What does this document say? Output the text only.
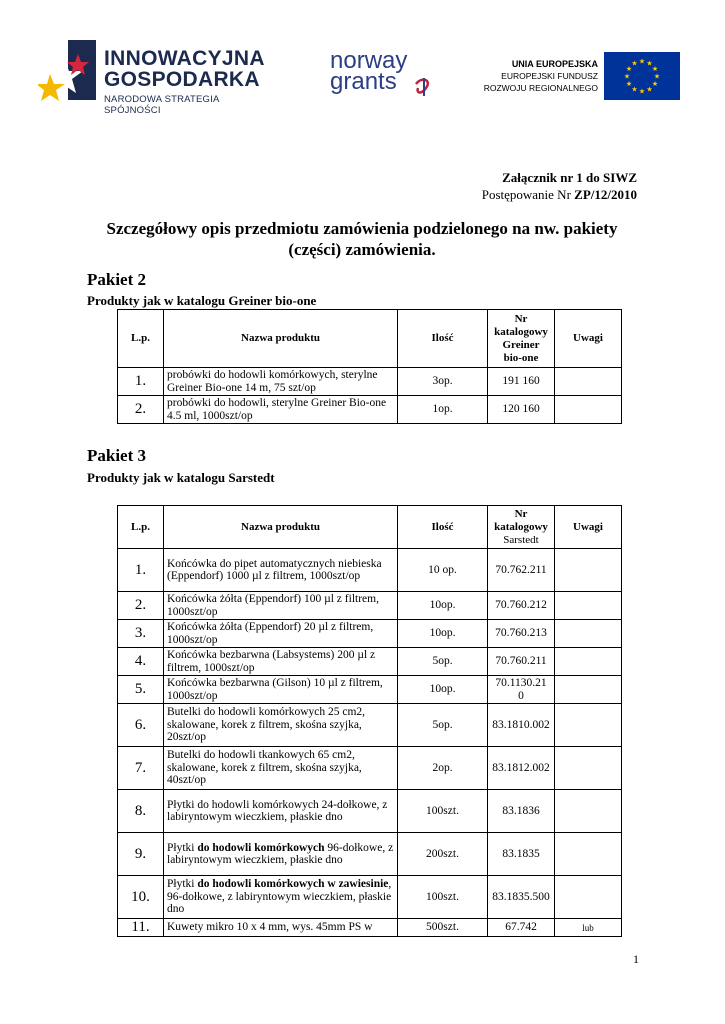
INNOWACYJNA
GOSPODARKA
NARODOWA STRATEGIA SPÓJNOŚCI
norway
grants
UNIA EUROPEJSKA
EUROPEJSKI FUNDUSZ
ROZWOJU REGIONALNEGO
★
★
★
★
★
★
★
★
★ ★ ★
★
Załącznik nr 1 do SIWZ
Postępowanie Nr ZP/12/2010
Szczegółowy opis przedmiotu zamówienia podzielonego na nw. pakiety
(części) zamówienia.
Pakiet 2
Produkty jak w katalogu Greiner bio-one
L.p.	Nazwa produktu	Ilość	Nr
katalogowy
Greiner
bio-one	Uwagi
1.	probówki do hodowli komórkowych, sterylne Greiner Bio-one 14 m, 75 szt/op	3op.	191 160	
2.	probówki do hodowli, sterylne Greiner Bio-one 4.5 ml, 1000szt/op	1op.	120 160	
Pakiet 3
Produkty jak w katalogu Sarstedt
L.p.	Nazwa produktu	Ilość	Nr
katalogowy
Sarstedt	Uwagi
1.	Końcówka do pipet automatycznych niebieska (Eppendorf) 1000 µl z filtrem, 1000szt/op	10 op.	70.762.211	
2.	Końcówka żółta (Eppendorf) 100 µl z filtrem, 1000szt/op	10op.	70.760.212	
3.	Końcówka żółta (Eppendorf) 20 µl z filtrem, 1000szt/op	10op.	70.760.213	
4.	Końcówka bezbarwna (Labsystems) 200 µl z filtrem, 1000szt/op	5op.	70.760.211	
5.	Końcówka bezbarwna (Gilson) 10 µl z filtrem, 1000szt/op	10op.	70.1130.21
0	
6.	Butelki do hodowli komórkowych 25 cm2, skalowane, korek z filtrem, skośna szyjka, 20szt/op	5op.	83.1810.002	
7.	Butelki do hodowli tkankowych 65 cm2, skalowane, korek z filtrem, skośna szyjka, 40szt/op	2op.	83.1812.002	
8.	Płytki do hodowli komórkowych 24-dołkowe, z labiryntowym wieczkiem, płaskie dno	100szt.	83.1836	
9.	Płytki do hodowli komórkowych 96-dołkowe, z labiryntowym wieczkiem, płaskie dno	200szt.	83.1835	
10.	Płytki do hodowli komórkowych w zawiesinie, 96-dołkowe, z labiryntowym wieczkiem, płaskie dno	100szt.	83.1835.500	
11.	Kuwety mikro 10 x 4 mm, wys. 45mm PS w	500szt.	67.742	lub
1
